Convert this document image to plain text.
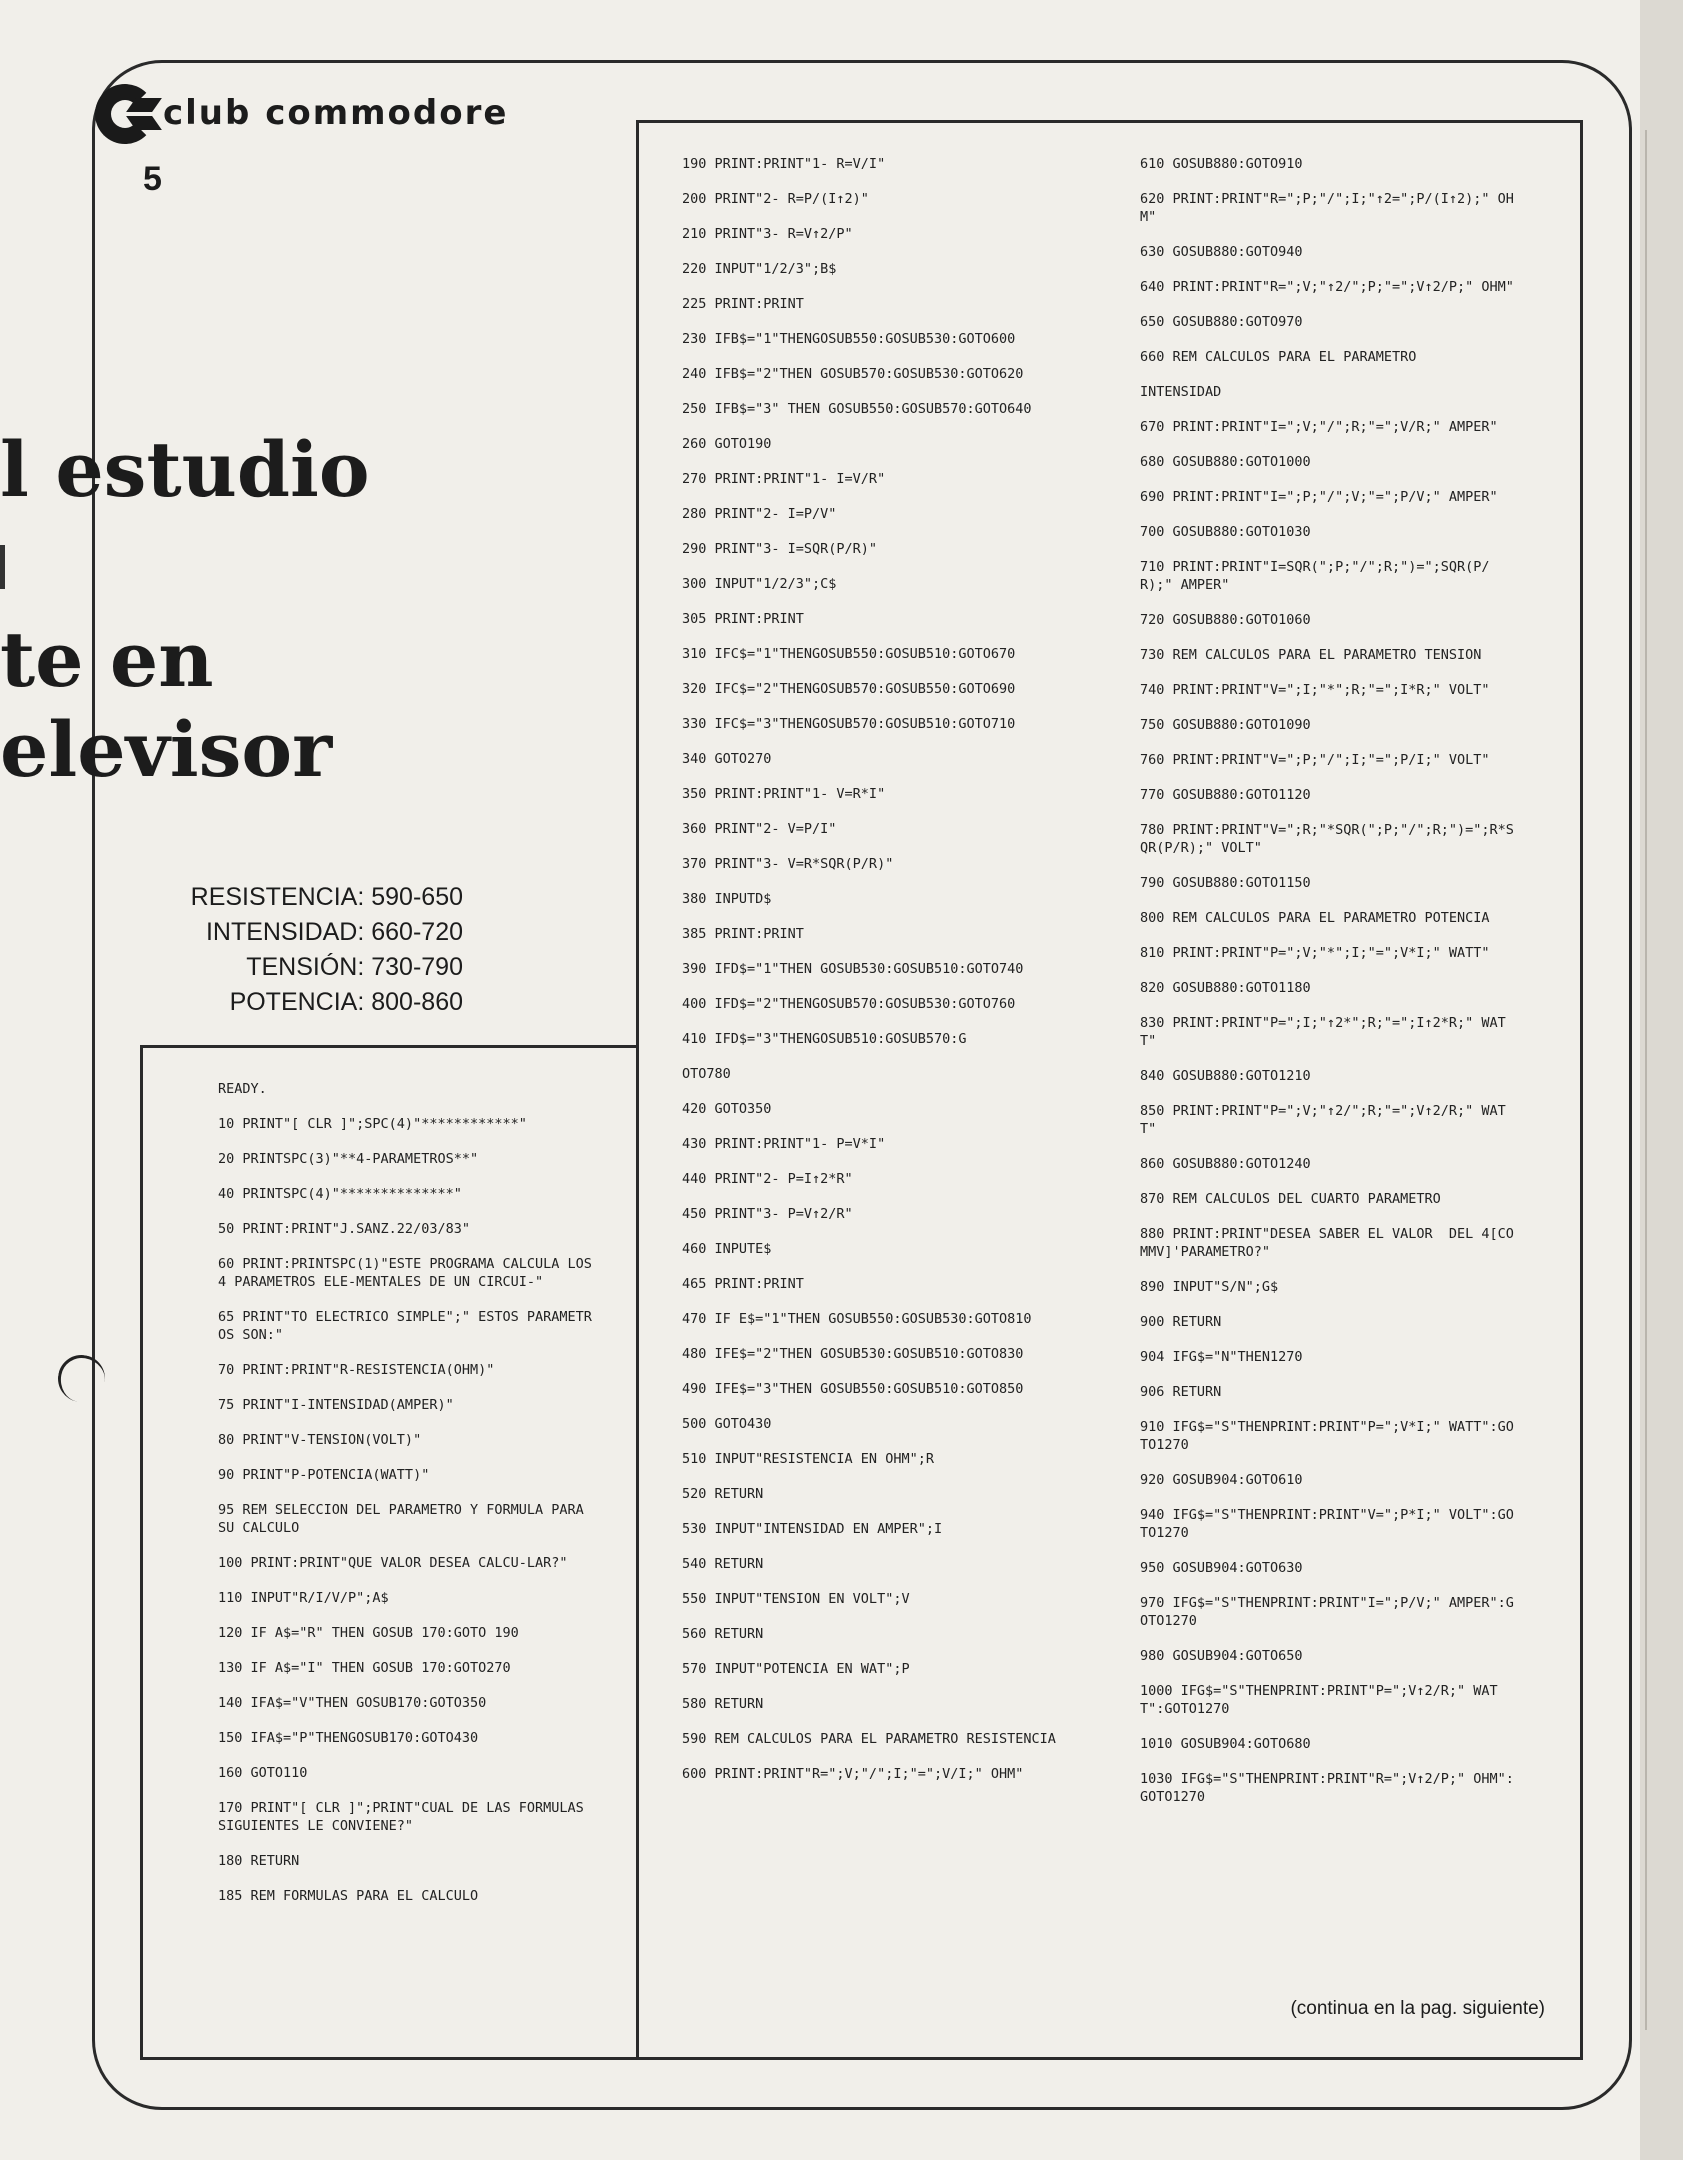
club commodore
5
l estudio
te en
elevisor
RESISTENCIA: 590-650
INTENSIDAD: 660-720
TENSIÓN: 730-790
POTENCIA: 800-860
READY.
10 PRINT"[ CLR ]";SPC(4)"************"
20 PRINTSPC(3)"**4-PARAMETROS**"
40 PRINTSPC(4)"**************"
50 PRINT:PRINT"J.SANZ.22/03/83"
60 PRINT:PRINTSPC(1)"ESTE PROGRAMA CALCULA LOS 4 PARAMETROS ELE-MENTALES DE UN CIRCUI-"
65 PRINT"TO ELECTRICO SIMPLE";" ESTOS PARAMETROS SON:"
70 PRINT:PRINT"R-RESISTENCIA(OHM)"
75 PRINT"I-INTENSIDAD(AMPER)"
80 PRINT"V-TENSION(VOLT)"
90 PRINT"P-POTENCIA(WATT)"
95 REM SELECCION DEL PARAMETRO Y FORMULA PARA SU CALCULO
100 PRINT:PRINT"QUE VALOR DESEA CALCU-LAR?"
110 INPUT"R/I/V/P";A$
120 IF A$="R" THEN GOSUB 170:GOTO 190
130 IF A$="I" THEN GOSUB 170:GOTO270
140 IFA$="V"THEN GOSUB170:GOTO350
150 IFA$="P"THENGOSUB170:GOTO430
160 GOTO110
170 PRINT"[ CLR ]";PRINT"CUAL DE LAS FORMULAS  SIGUIENTES LE CONVIENE?"
180 RETURN
185 REM FORMULAS PARA EL CALCULO
190 PRINT:PRINT"1- R=V/I"
200 PRINT"2- R=P/(I↑2)"
210 PRINT"3- R=V↑2/P"
220 INPUT"1/2/3";B$
225 PRINT:PRINT
230 IFB$="1"THENGOSUB550:GOSUB530:GOTO600
240 IFB$="2"THEN GOSUB570:GOSUB530:GOTO620
250 IFB$="3" THEN GOSUB550:GOSUB570:GOTO640
260 GOTO190
270 PRINT:PRINT"1- I=V/R"
280 PRINT"2- I=P/V"
290 PRINT"3- I=SQR(P/R)"
300 INPUT"1/2/3";C$
305 PRINT:PRINT
310 IFC$="1"THENGOSUB550:GOSUB510:GOTO670
320 IFC$="2"THENGOSUB570:GOSUB550:GOTO690
330 IFC$="3"THENGOSUB570:GOSUB510:GOTO710
340 GOTO270
350 PRINT:PRINT"1- V=R*I"
360 PRINT"2- V=P/I"
370 PRINT"3- V=R*SQR(P/R)"
380 INPUTD$
385 PRINT:PRINT
390 IFD$="1"THEN GOSUB530:GOSUB510:GOTO740
400 IFD$="2"THENGOSUB570:GOSUB530:GOTO760
410 IFD$="3"THENGOSUB510:GOSUB570:G
OTO780
420 GOTO350
430 PRINT:PRINT"1- P=V*I"
440 PRINT"2- P=I↑2*R"
450 PRINT"3- P=V↑2/R"
460 INPUTE$
465 PRINT:PRINT
470 IF E$="1"THEN GOSUB550:GOSUB530:GOTO810
480 IFE$="2"THEN GOSUB530:GOSUB510:GOTO830
490 IFE$="3"THEN GOSUB550:GOSUB510:GOTO850
500 GOTO430
510 INPUT"RESISTENCIA EN OHM";R
520 RETURN
530 INPUT"INTENSIDAD EN AMPER";I
540 RETURN
550 INPUT"TENSION EN VOLT";V
560 RETURN
570 INPUT"POTENCIA EN WAT";P
580 RETURN
590 REM CALCULOS PARA EL PARAMETRO RESISTENCIA
600 PRINT:PRINT"R=";V;"/";I;"=";V/I;" OHM"
610 GOSUB880:GOTO910
620 PRINT:PRINT"R=";P;"/";I;"↑2=";P/(I↑2);" OHM"
630 GOSUB880:GOTO940
640 PRINT:PRINT"R=";V;"↑2/";P;"=";V↑2/P;" OHM"
650 GOSUB880:GOTO970
660 REM CALCULOS PARA EL PARAMETRO
INTENSIDAD
670 PRINT:PRINT"I=";V;"/";R;"=";V/R;" AMPER"
680 GOSUB880:GOTO1000
690 PRINT:PRINT"I=";P;"/";V;"=";P/V;" AMPER"
700 GOSUB880:GOTO1030
710 PRINT:PRINT"I=SQR(";P;"/";R;")=";SQR(P/R);" AMPER"
720 GOSUB880:GOTO1060
730 REM CALCULOS PARA EL PARAMETRO TENSION
740 PRINT:PRINT"V=";I;"*";R;"=";I*R;" VOLT"
750 GOSUB880:GOTO1090
760 PRINT:PRINT"V=";P;"/";I;"=";P/I;" VOLT"
770 GOSUB880:GOTO1120
780 PRINT:PRINT"V=";R;"*SQR(";P;"/";R;")=";R*SQR(P/R);" VOLT"
790 GOSUB880:GOTO1150
800 REM CALCULOS PARA EL PARAMETRO POTENCIA
810 PRINT:PRINT"P=";V;"*";I;"=";V*I;" WATT"
820 GOSUB880:GOTO1180
830 PRINT:PRINT"P=";I;"↑2*";R;"=";I↑2*R;" WATT"
840 GOSUB880:GOTO1210
850 PRINT:PRINT"P=";V;"↑2/";R;"=";V↑2/R;" WATT"
860 GOSUB880:GOTO1240
870 REM CALCULOS DEL CUARTO PARAMETRO
880 PRINT:PRINT"DESEA SABER EL VALOR  DEL 4[COMMV]'PARAMETRO?"
890 INPUT"S/N";G$
900 RETURN
904 IFG$="N"THEN1270
906 RETURN
910 IFG$="S"THENPRINT:PRINT"P=";V*I;" WATT":GOTO1270
920 GOSUB904:GOTO610
940 IFG$="S"THENPRINT:PRINT"V=";P*I;" VOLT":GOTO1270
950 GOSUB904:GOTO630
970 IFG$="S"THENPRINT:PRINT"I=";P/V;" AMPER":GOTO1270
980 GOSUB904:GOTO650
1000 IFG$="S"THENPRINT:PRINT"P=";V↑2/R;" WATT":GOTO1270
1010 GOSUB904:GOTO680
1030 IFG$="S"THENPRINT:PRINT"R=";V↑2/P;" OHM":GOTO1270
(continua en la pag. siguiente)
